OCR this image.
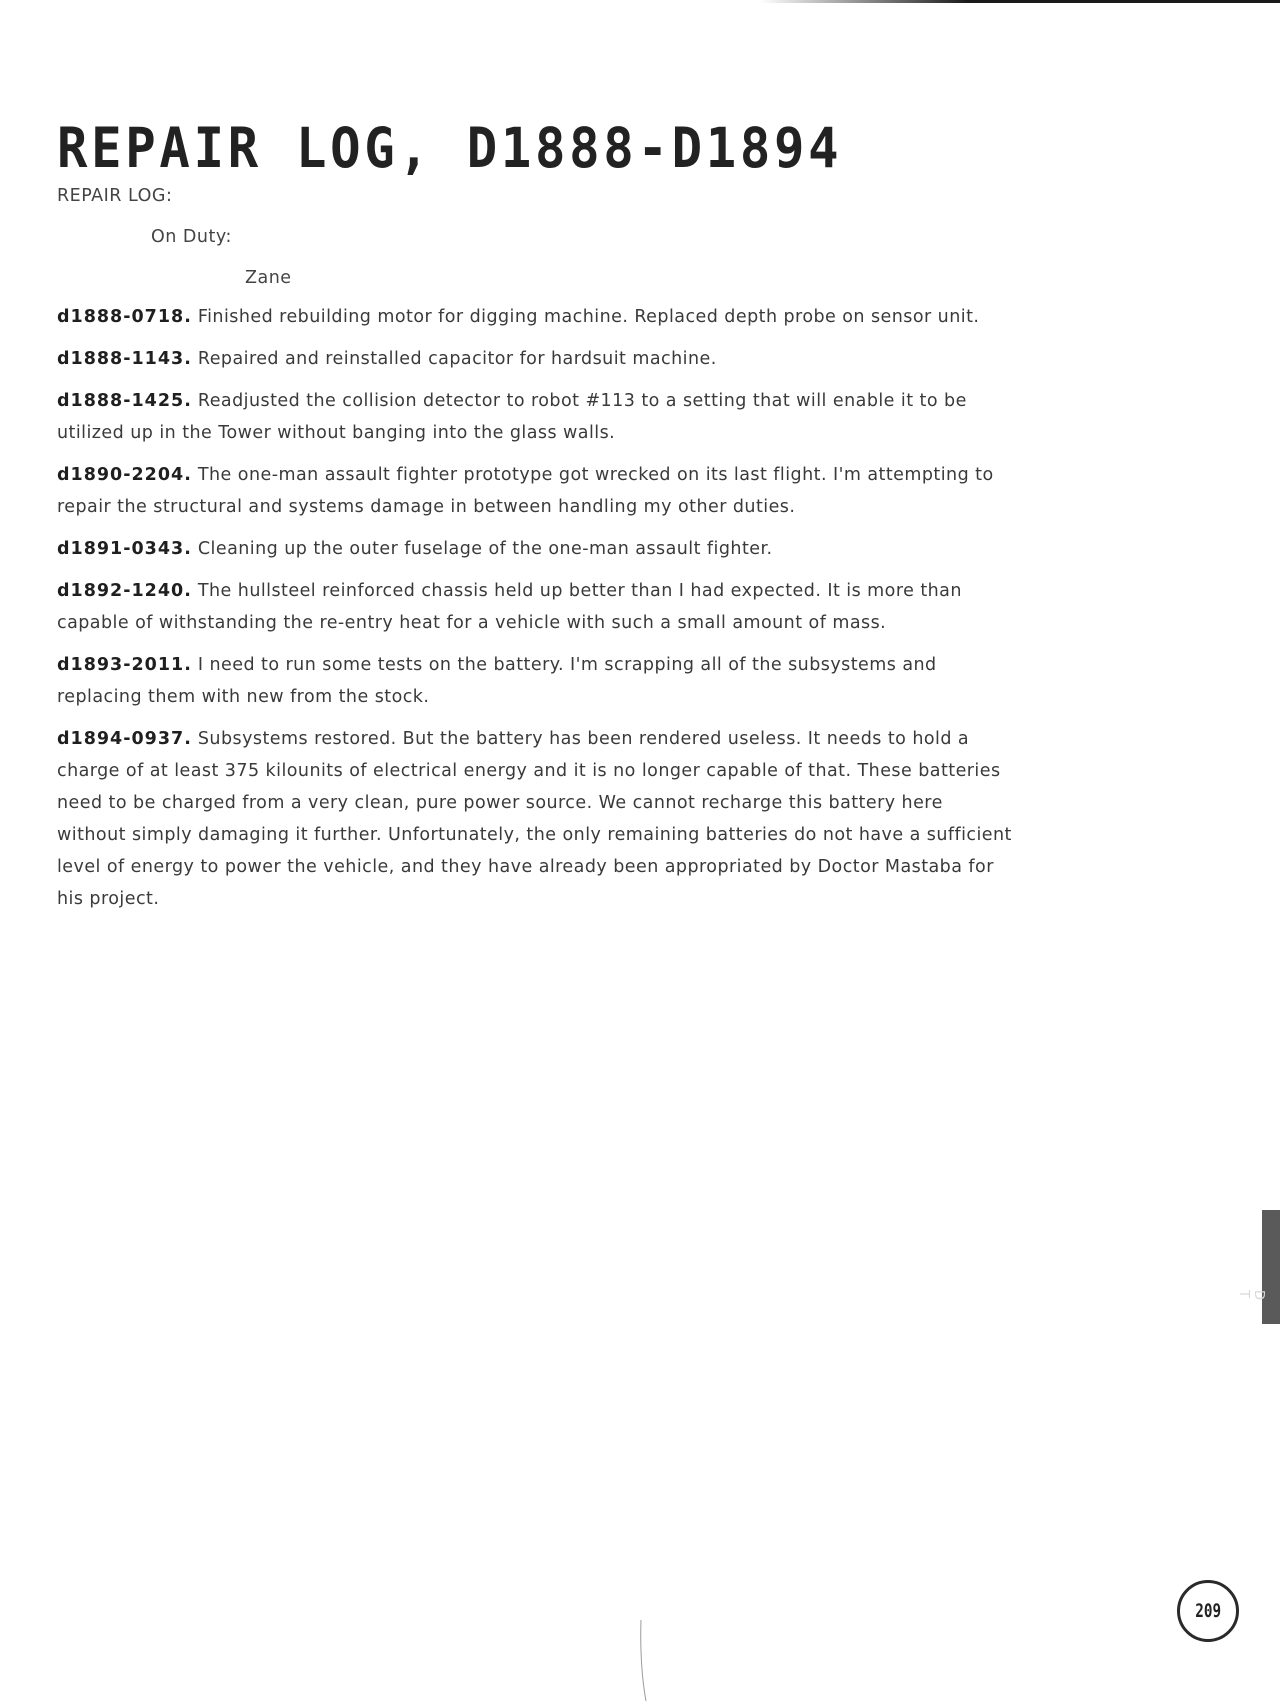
REPAIR LOG, D1888-D1894
REPAIR LOG:
On Duty:
Zane

d1888-0718. Finished rebuilding motor for digging machine. Replaced depth probe on sensor unit.

d1888-1143. Repaired and reinstalled capacitor for hardsuit machine.

d1888-1425. Readjusted the collision detector to robot #113 to a setting that will enable it to be utilized up in the Tower without banging into the glass walls.

d1890-2204. The one-man assault fighter prototype got wrecked on its last flight. I'm attempting to repair the structural and systems damage in between handling my other duties.

d1891-0343. Cleaning up the outer fuselage of the one-man assault fighter.

d1892-1240. The hullsteel reinforced chassis held up better than I had expected. It is more than capable of withstanding the re-entry heat for a vehicle with such a small amount of mass.

d1893-2011. I need to run some tests on the battery. I'm scrapping all of the subsystems and replacing them with new from the stock.

d1894-0937. Subsystems restored. But the battery has been rendered useless. It needs to hold a charge of at least 375 kilounits of electrical energy and it is no longer capable of that. These batteries need to be charged from a very clean, pure power source. We cannot recharge this battery here without simply damaging it further. Unfortunately, the only remaining batteries do not have a sufficient level of energy to power the vehicle, and they have already been appropriated by Doctor Mastaba for his project.

D T
209
